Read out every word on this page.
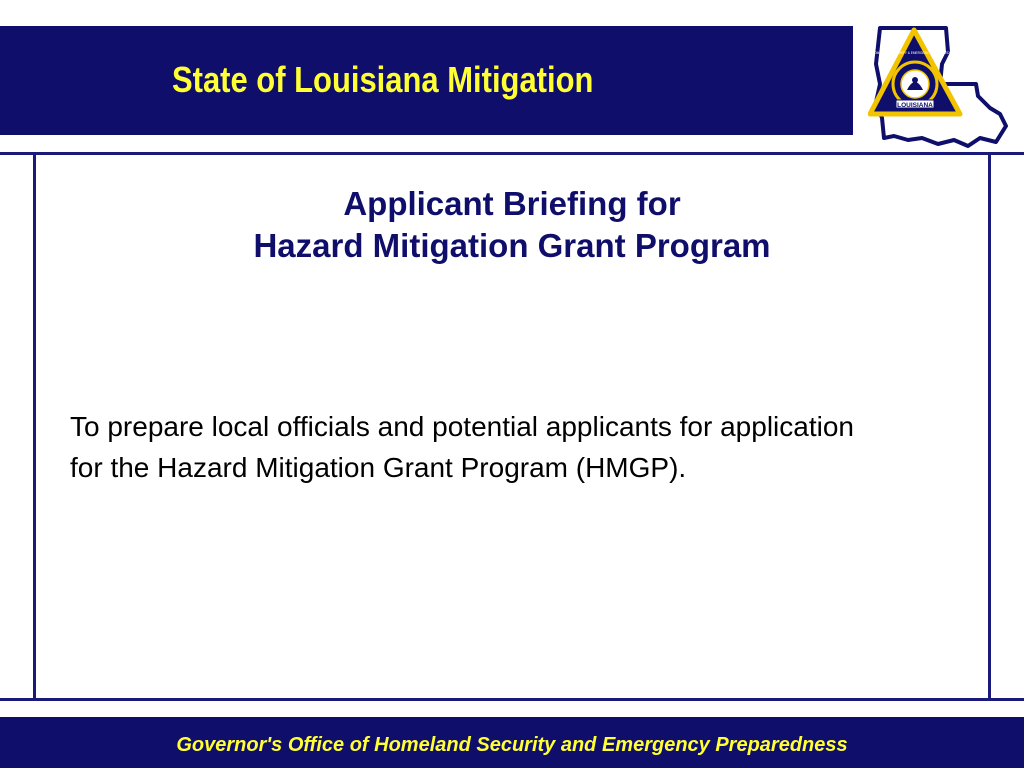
State of Louisiana Mitigation
LOUISIANA
HOMELAND SECURITY & EMERGENCY PREPAREDNESS
Applicant Briefing for
Hazard Mitigation Grant Program
To prepare local officials and potential applicants for application for the Hazard Mitigation Grant Program (HMGP).
Governor's Office of Homeland Security and Emergency Preparedness
